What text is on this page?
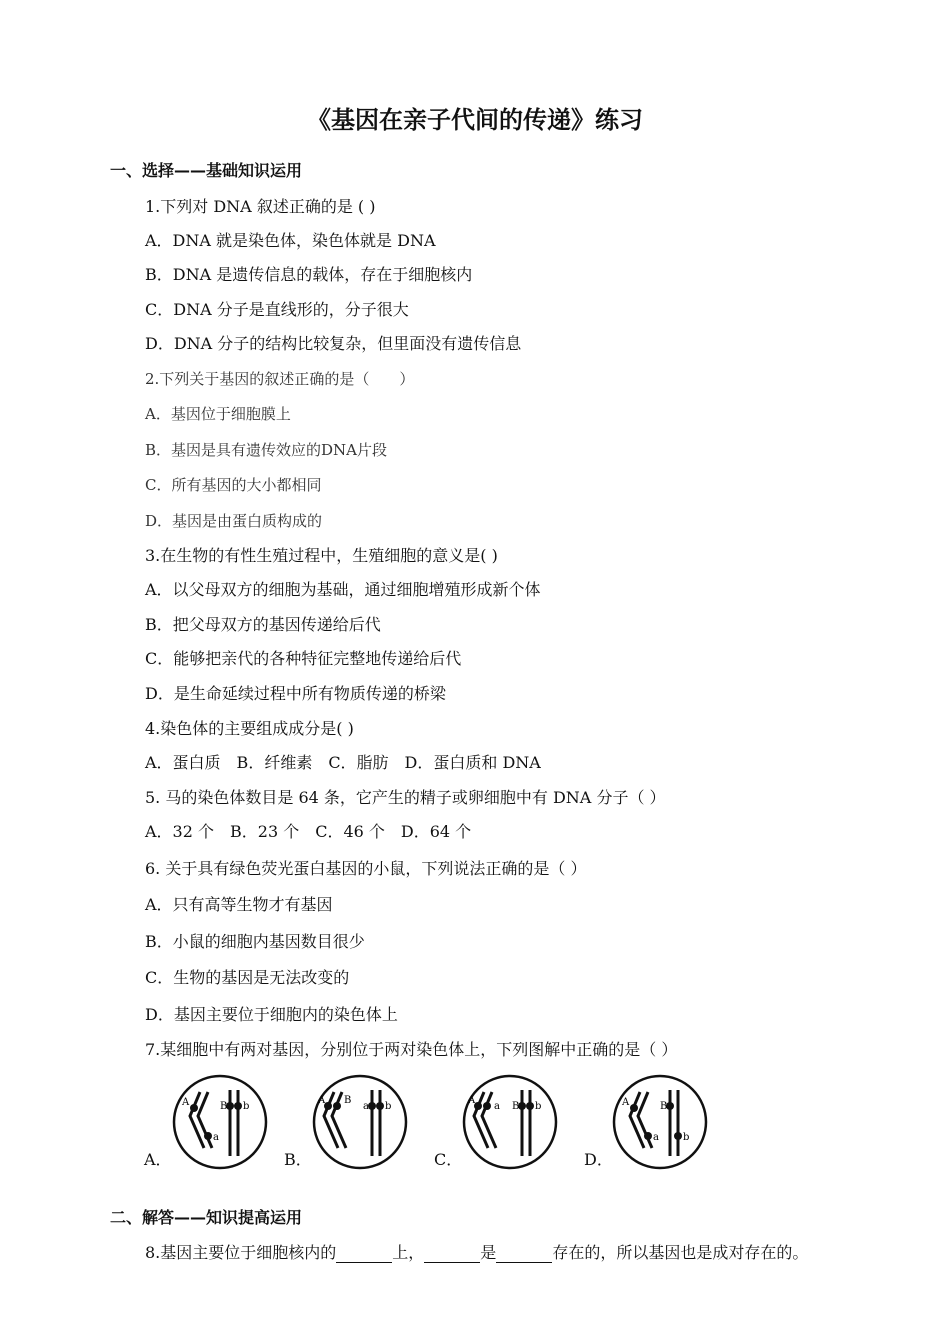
《基因在亲子代间的传递》练习
一、选择——基础知识运用
1.下列对 DNA 叙述正确的是 ( )
A．DNA 就是染色体，染色体就是 DNA
B．DNA 是遗传信息的载体，存在于细胞核内
C．DNA 分子是直线形的，分子很大
D．DNA 分子的结构比较复杂，但里面没有遗传信息
2.下列关于基因的叙述正确的是（　　）
A．基因位于细胞膜上
B．基因是具有遗传效应的DNA片段
C．所有基因的大小都相同
D．基因是由蛋白质构成的
3.在生物的有性生殖过程中，生殖细胞的意义是( )
A．以父母双方的细胞为基础，通过细胞增殖形成新个体
B．把父母双方的基因传递给后代
C．能够把亲代的各种特征完整地传递给后代
D．是生命延续过程中所有物质传递的桥梁
4.染色体的主要组成成分是( )
A．蛋白质　B．纤维素　C．脂肪　D．蛋白质和 DNA
5. 马的染色体数目是 64 条，它产生的精子或卵细胞中有 DNA 分子（ ）
A．32 个　B．23 个　C．46 个　D．64 个
6. 关于具有绿色荧光蛋白基因的小鼠，下列说法正确的是（ ）
A．只有高等生物才有基因
B．小鼠的细胞内基因数目很少
C．生物的基因是无法改变的
D．基因主要位于细胞内的染色体上
7.某细胞中有两对基因，分别位于两对染色体上，下列图解中正确的是（ ）
A．
A
a
B b
B．
A B
a b
C．
A
a B b
D．
A
a
B
b
二、解答——知识提高运用
8.基因主要位于细胞核内的	上，	是	存在的，所以基因也是成对存在的。
